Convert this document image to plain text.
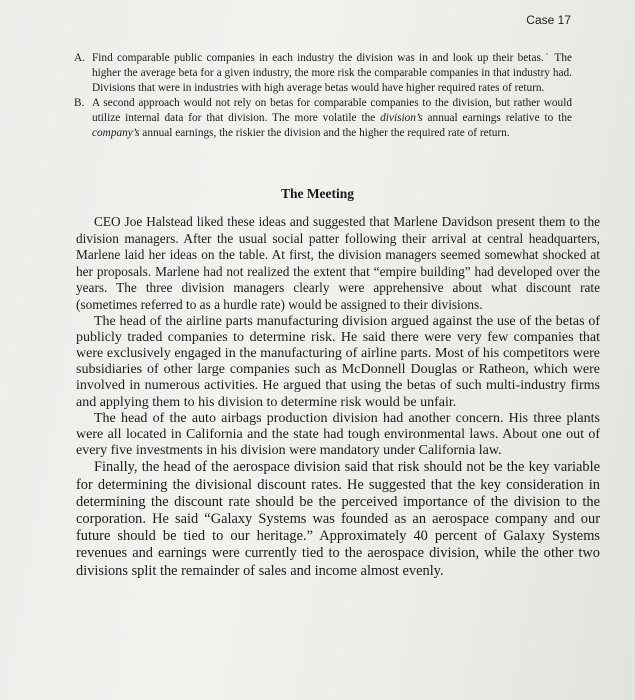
Case 17
A. Find comparable public companies in each industry the division was in and look up their betas.˙ The higher the average beta for a given industry, the more risk the comparable companies in that industry had. Divisions that were in industries with high average betas would have higher required rates of return.
B. A second approach would not rely on betas for comparable companies to the division, but rather would utilize internal data for that division. The more volatile the division’s annual earnings relative to the company’s annual earnings, the riskier the division and the higher the required rate of return.
The Meeting

CEO Joe Halstead liked these ideas and suggested that Marlene Davidson present them to the division managers. After the usual social patter following their arrival at central headquarters, Marlene laid her ideas on the table. At first, the division managers seemed somewhat shocked at her proposals. Marlene had not realized the extent that “empire building” had developed over the years. The three division managers clearly were apprehensive about what discount rate (sometimes referred to as a hurdle rate) would be assigned to their divisions.

The head of the airline parts manufacturing division argued against the use of the betas of publicly traded companies to determine risk. He said there were very few companies that were exclusively engaged in the manufacturing of airline parts. Most of his competitors were subsidiaries of other large companies such as McDonnell Douglas or Ratheon, which were involved in numerous activities. He argued that using the betas of such multi-industry firms and applying them to his division to determine risk would be unfair.

The head of the auto airbags production division had another concern. His three plants were all located in California and the state had tough environmental laws. About one out of every five investments in his division were mandatory under California law.

Finally, the head of the aerospace division said that risk should not be the key variable for determining the divisional discount rates. He suggested that the key consideration in determining the discount rate should be the perceived importance of the division to the corporation. He said “Galaxy Systems was founded as an aerospace company and our future should be tied to our heritage.” Approximately 40 percent of Galaxy Systems revenues and earnings were currently tied to the aerospace division, while the other two divisions split the remainder of sales and income almost evenly.
